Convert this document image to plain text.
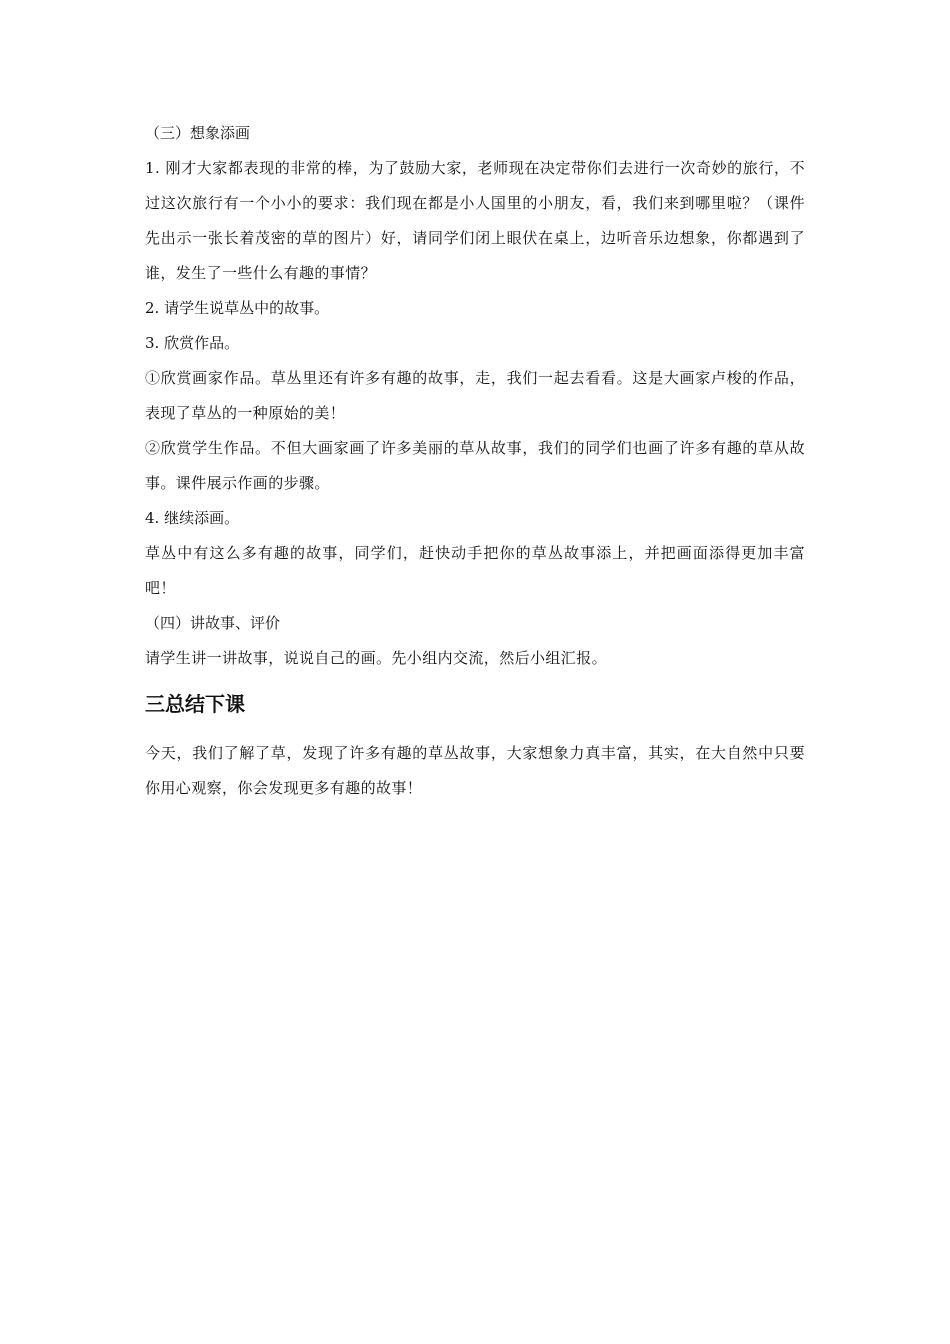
（三）想象添画

1. 刚才大家都表现的非常的棒，为了鼓励大家，老师现在决定带你们去进行一次奇妙的旅行，不过这次旅行有一个小小的要求：我们现在都是小人国里的小朋友，看，我们来到哪里啦？（课件先出示一张长着茂密的草的图片）好，请同学们闭上眼伏在桌上，边听音乐边想象，你都遇到了谁，发生了一些什么有趣的事情？

2. 请学生说草丛中的故事。

3. 欣赏作品。

①欣赏画家作品。草丛里还有许多有趣的故事，走，我们一起去看看。这是大画家卢梭的作品，表现了草丛的一种原始的美！

②欣赏学生作品。不但大画家画了许多美丽的草从故事，我们的同学们也画了许多有趣的草从故事。课件展示作画的步骤。

4. 继续添画。

草丛中有这么多有趣的故事，同学们，赶快动手把你的草丛故事添上，并把画面添得更加丰富吧！

（四）讲故事、评价

请学生讲一讲故事，说说自己的画。先小组内交流，然后小组汇报。

三总结下课

今天，我们了解了草，发现了许多有趣的草丛故事，大家想象力真丰富，其实，在大自然中只要你用心观察，你会发现更多有趣的故事！
